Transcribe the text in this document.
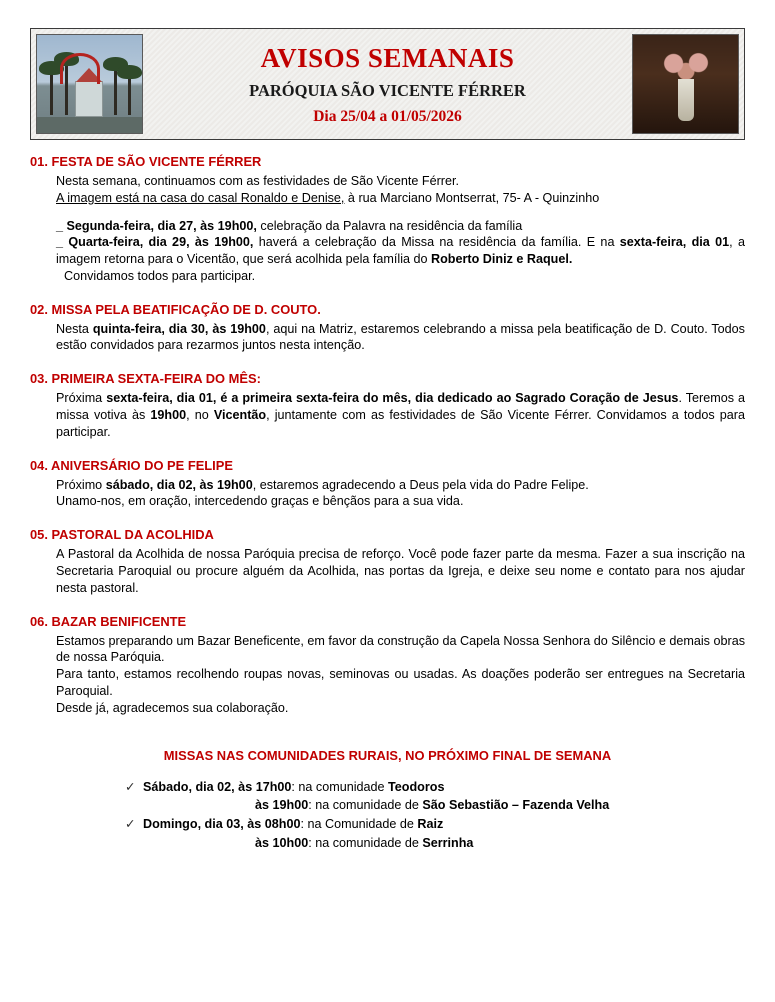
AVISOS SEMANAIS
PARÓQUIA SÃO VICENTE FÉRRER
Dia 25/04 a 01/05/2026
01. FESTA DE SÃO VICENTE FÉRRER

Nesta semana, continuamos com as festividades de São Vicente Férrer.

A imagem está na casa do casal Ronaldo e Denise, à rua Marciano Montserrat, 75- A - Quinzinho

_ Segunda-feira, dia 27, às 19h00, celebração da Palavra na residência da família

_ Quarta-feira, dia 29, às 19h00, haverá a celebração da Missa na residência da família. E na sexta-feira, dia 01, a imagem retorna para o Vicentão, que será acolhida pela família do Roberto Diniz e Raquel.

Convidamos todos para participar.

02. MISSA PELA BEATIFICAÇÃO DE D. COUTO.

Nesta quinta-feira, dia 30, às 19h00, aqui na Matriz, estaremos celebrando a missa pela beatificação de D. Couto. Todos estão convidados para rezarmos juntos nesta intenção.

03. PRIMEIRA SEXTA-FEIRA DO MÊS:

Próxima sexta-feira, dia 01, é a primeira sexta-feira do mês, dia dedicado ao Sagrado Coração de Jesus. Teremos a missa votiva às 19h00, no Vicentão, juntamente com as festividades de São Vicente Férrer. Convidamos a todos para participar.

04. ANIVERSÁRIO DO PE FELIPE

Próximo sábado, dia 02, às 19h00, estaremos agradecendo a Deus pela vida do Padre Felipe.

Unamo-nos, em oração, intercedendo graças e bênçãos para a sua vida.

05. PASTORAL DA ACOLHIDA

A Pastoral da Acolhida de nossa Paróquia precisa de reforço. Você pode fazer parte da mesma. Fazer a sua inscrição na Secretaria Paroquial ou procure alguém da Acolhida, nas portas da Igreja, e deixe seu nome e contato para nos ajudar nesta pastoral.

06. BAZAR BENIFICENTE

Estamos preparando um Bazar Beneficente, em favor da construção da Capela Nossa Senhora do Silêncio e demais obras de nossa Paróquia.

Para tanto, estamos recolhendo roupas novas, seminovas ou usadas. As doações poderão ser entregues na Secretaria Paroquial.

Desde já, agradecemos sua colaboração.

MISSAS NAS COMUNIDADES RURAIS, NO PRÓXIMO FINAL DE SEMANA
✓ Sábado, dia 02, às 17h00: na comunidade Teodoros
às 19h00: na comunidade de São Sebastião – Fazenda Velha
✓ Domingo, dia 03, às 08h00: na Comunidade de Raiz
às 10h00: na comunidade de Serrinha
